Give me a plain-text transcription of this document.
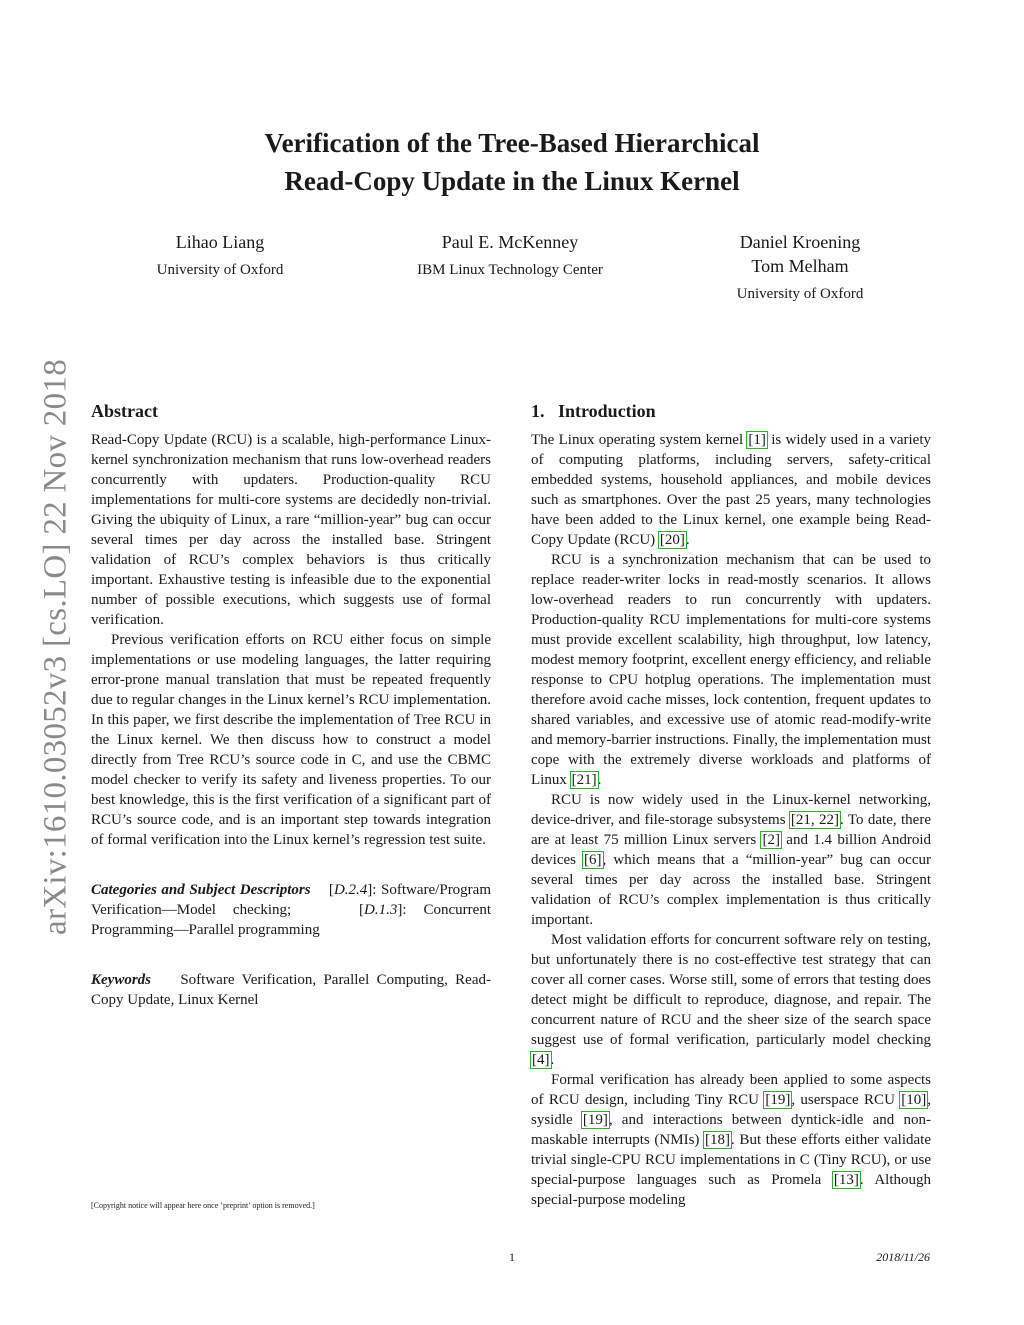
Verification of the Tree-Based Hierarchical
Read-Copy Update in the Linux Kernel
Lihao Liang
University of Oxford
Paul E. McKenney
IBM Linux Technology Center
Daniel Kroening
Tom Melham
University of Oxford
arXiv:1610.03052v3 [cs.LO] 22 Nov 2018 Abstract

Read-Copy Update (RCU) is a scalable, high-performance Linux-kernel synchronization mechanism that runs low-overhead readers concurrently with updaters. Production-quality RCU implementations for multi-core systems are decidedly non-trivial. Giving the ubiquity of Linux, a rare “million-year” bug can occur several times per day across the installed base. Stringent validation of RCU’s complex behaviors is thus critically important. Exhaustive testing is infeasible due to the exponential number of possible executions, which suggests use of formal verification.

Previous verification efforts on RCU either focus on simple implementations or use modeling languages, the latter requiring error-prone manual translation that must be repeated frequently due to regular changes in the Linux kernel’s RCU implementation. In this paper, we first describe the implementation of Tree RCU in the Linux kernel. We then discuss how to construct a model directly from Tree RCU’s source code in C, and use the CBMC model checker to verify its safety and liveness properties. To our best knowledge, this is the first verification of a significant part of RCU’s source code, and is an important step towards integration of formal verification into the Linux kernel’s regression test suite.

Categories and Subject Descriptors    [D.2.4]: Software/Program Verification—Model checking;    [D.1.3]: Concurrent Programming—Parallel programming

Keywords Software Verification, Parallel Computing, Read-Copy Update, Linux Kernel

[Copyright notice will appear here once ’preprint’ option is removed.]
1.   Introduction

The Linux operating system kernel [1] is widely used in a variety of computing platforms, including servers, safety-critical embedded systems, household appliances, and mobile devices such as smartphones. Over the past 25 years, many technologies have been added to the Linux kernel, one example being Read-Copy Update (RCU) [20].

RCU is a synchronization mechanism that can be used to replace reader-writer locks in read-mostly scenarios. It allows low-overhead readers to run concurrently with updaters. Production-quality RCU implementations for multi-core systems must provide excellent scalability, high throughput, low latency, modest memory footprint, excellent energy efficiency, and reliable response to CPU hotplug operations. The implementation must therefore avoid cache misses, lock contention, frequent updates to shared variables, and excessive use of atomic read-modify-write and memory-barrier instructions. Finally, the implementation must cope with the extremely diverse workloads and platforms of Linux [21].

RCU is now widely used in the Linux-kernel networking, device-driver, and file-storage subsystems [21, 22]. To date, there are at least 75 million Linux servers [2] and 1.4 billion Android devices [6], which means that a “million-year” bug can occur several times per day across the installed base. Stringent validation of RCU’s complex implementation is thus critically important.

Most validation efforts for concurrent software rely on testing, but unfortunately there is no cost-effective test strategy that can cover all corner cases. Worse still, some of errors that testing does detect might be difficult to reproduce, diagnose, and repair. The concurrent nature of RCU and the sheer size of the search space suggest use of formal verification, particularly model checking [4].

Formal verification has already been applied to some aspects of RCU design, including Tiny RCU [19], userspace RCU [10], sysidle [19], and interactions between dyntick-idle and non-maskable interrupts (NMIs) [18]. But these efforts either validate trivial single-CPU RCU implementations in C (Tiny RCU), or use special-purpose languages such as Promela [13]. Although special-purpose modeling

1	2018/11/26
